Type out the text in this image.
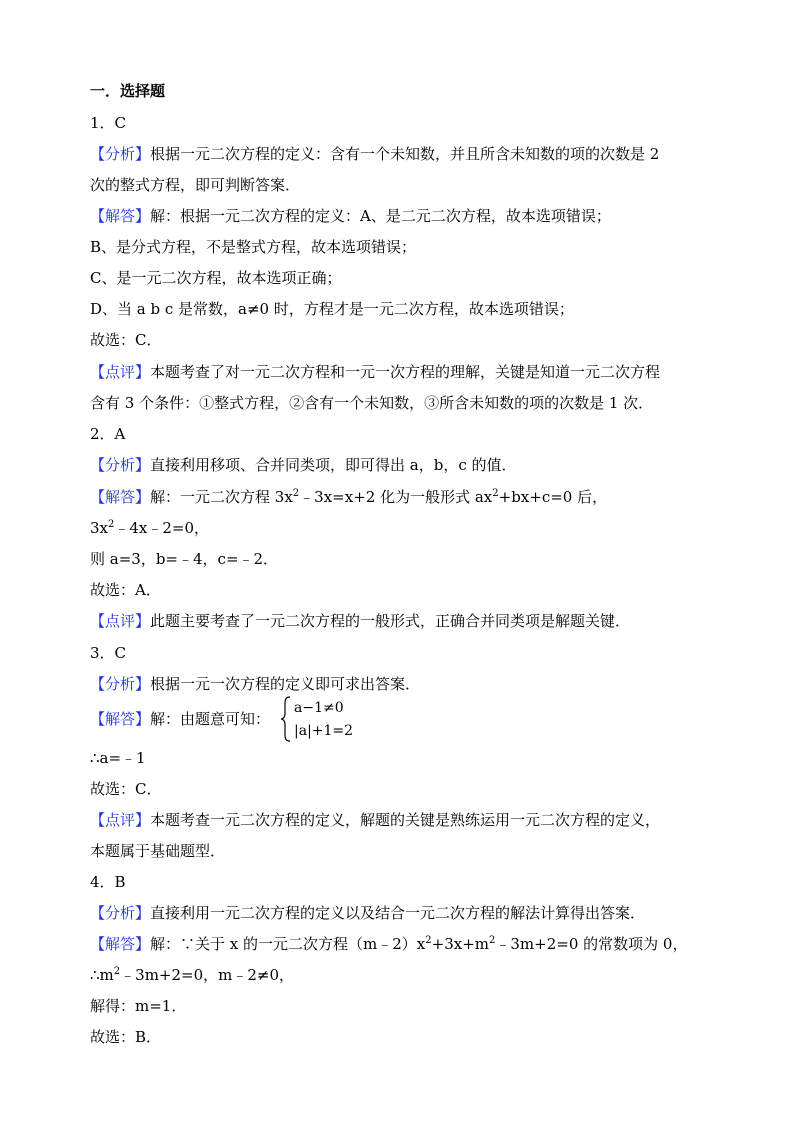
一．选择题
1．C
【分析】根据一元二次方程的定义：含有一个未知数，并且所含未知数的项的次数是 2
次的整式方程，即可判断答案．
【解答】解：根据一元二次方程的定义：A、是二元二次方程，故本选项错误；
B、是分式方程，不是整式方程，故本选项错误；
C、是一元二次方程，故本选项正确；
D、当 a b c 是常数，a≠0 时，方程才是一元二次方程，故本选项错误；
故选：C．
【点评】本题考查了对一元二次方程和一元一次方程的理解，关键是知道一元二次方程
含有 3 个条件：①整式方程，②含有一个未知数，③所含未知数的项的次数是 1 次．
2．A
【分析】直接利用移项、合并同类项，即可得出 a，b，c 的值．
【解答】解：一元二次方程 $3x^2﹣3x=x+2$ 化为一般形式 $ax^2+bx+c=0$ 后，
$3x^2﹣4x﹣2=0$，
则 a=3，b=﹣4，c=﹣2．
故选：A．
【点评】此题主要考查了一元二次方程的一般形式，正确合并同类项是解题关键．
3．C
【分析】根据一元一次方程的定义即可求出答案．
【解答】解：由题意可知：
a−1≠0
|a|+1=2
∴a=﹣1
故选：C．
【点评】本题考查一元二次方程的定义，解题的关键是熟练运用一元二次方程的定义，
本题属于基础题型．
4．B
【分析】直接利用一元二次方程的定义以及结合一元二次方程的解法计算得出答案．
【解答】解：∵关于 x 的一元二次方程$(m﹣2)x^2+3x+m^2﹣3m+2=0$ 的常数项为 0，
$\therefore m^2﹣3m+2=0$，m﹣2≠0，
解得：m=1．
故选：B．
